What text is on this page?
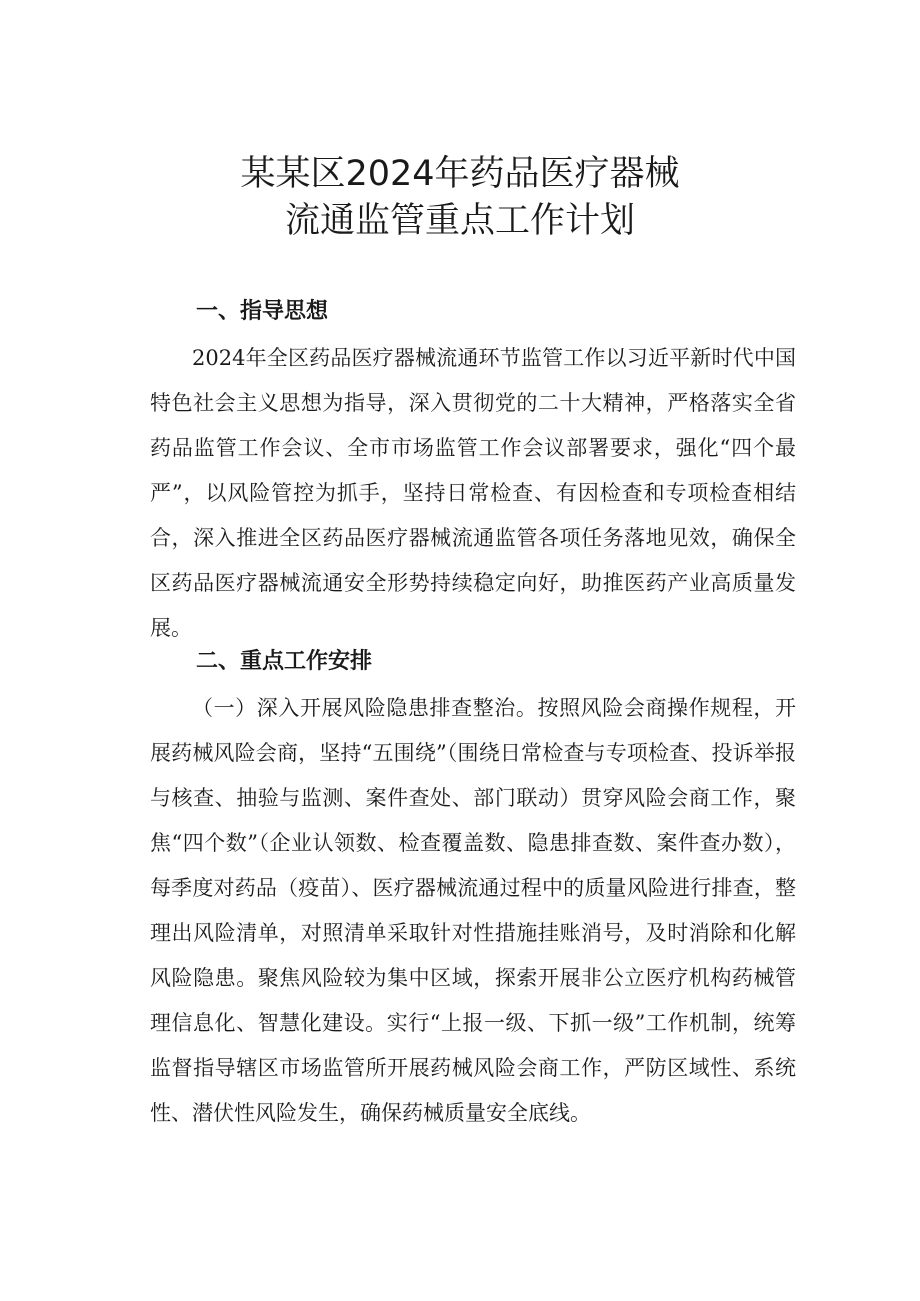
某某区2024年药品医疗器械
流通监管重点工作计划
一、指导思想

2024年全区药品医疗器械流通环节监管工作以习近平新时代中国特色社会主义思想为指导，深入贯彻党的二十大精神，严格落实全省药品监管工作会议、全市市场监管工作会议部署要求，强化“四个最严”，以风险管控为抓手，坚持日常检查、有因检查和专项检查相结合，深入推进全区药品医疗器械流通监管各项任务落地见效，确保全区药品医疗器械流通安全形势持续稳定向好，助推医药产业高质量发展。

二、重点工作安排

（一）深入开展风险隐患排查整治。按照风险会商操作规程，开展药械风险会商，坚持“五围绕”（围绕日常检查与专项检查、投诉举报与核查、抽验与监测、案件查处、部门联动）贯穿风险会商工作，聚焦“四个数”（企业认领数、检查覆盖数、隐患排查数、案件查办数），每季度对药品（疫苗）、医疗器械流通过程中的质量风险进行排查，整理出风险清单，对照清单采取针对性措施挂账消号，及时消除和化解风险隐患。聚焦风险较为集中区域，探索开展非公立医疗机构药械管理信息化、智慧化建设。实行“上报一级、下抓一级”工作机制，统筹监督指导辖区市场监管所开展药械风险会商工作，严防区域性、系统性、潜伏性风险发生，确保药械质量安全底线。
